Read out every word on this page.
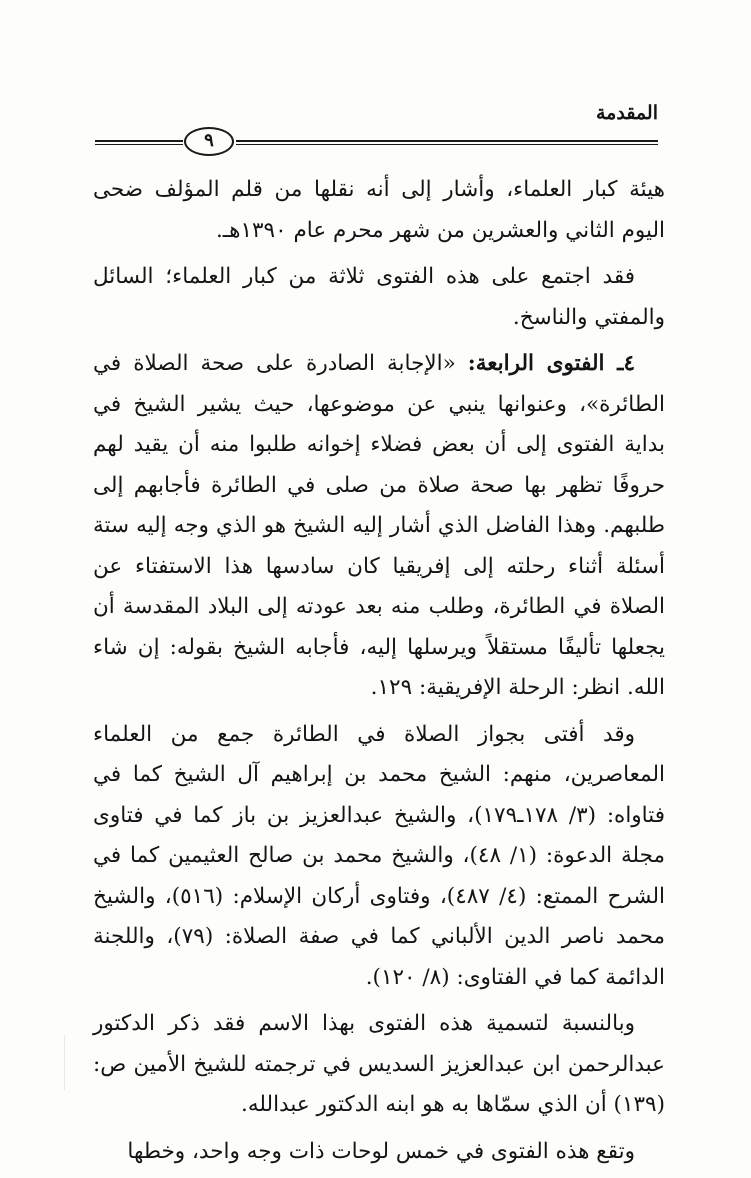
المقدمة
٩

هيئة كبار العلماء، وأشار إلى أنه نقلها من قلم المؤلف ضحى اليوم الثاني والعشرين من شهر محرم عام ١٣٩٠هـ.

فقد اجتمع على هذه الفتوى ثلاثة من كبار العلماء؛ السائل والمفتي والناسخ.

٤ـ الفتوى الرابعة: «الإجابة الصادرة على صحة الصلاة في الطائرة»، وعنوانها ينبي عن موضوعها، حيث يشير الشيخ في بداية الفتوى إلى أن بعض فضلاء إخوانه طلبوا منه أن يقيد لهم حروفًا تظهر بها صحة صلاة من صلى في الطائرة فأجابهم إلى طلبهم. وهذا الفاضل الذي أشار إليه الشيخ هو الذي وجه إليه ستة أسئلة أثناء رحلته إلى إفريقيا كان سادسها هذا الاستفتاء عن الصلاة في الطائرة، وطلب منه بعد عودته إلى البلاد المقدسة أن يجعلها تأليفًا مستقلاً ويرسلها إليه، فأجابه الشيخ بقوله: إن شاء الله. انظر: الرحلة الإفريقية: ١٢٩.

وقد أفتى بجواز الصلاة في الطائرة جمع من العلماء المعاصرين، منهم: الشيخ محمد بن إبراهيم آل الشيخ كما في فتاواه: (٣/ ١٧٨ـ١٧٩)، والشيخ عبدالعزيز بن باز كما في فتاوى مجلة الدعوة: (١/ ٤٨)، والشيخ محمد بن صالح العثيمين كما في الشرح الممتع: (٤/ ٤٨٧)، وفتاوى أركان الإسلام: (٥١٦)، والشيخ محمد ناصر الدين الألباني كما في صفة الصلاة: (٧٩)، واللجنة الدائمة كما في الفتاوى: (٨/ ١٢٠).

وبالنسبة لتسمية هذه الفتوى بهذا الاسم فقد ذكر الدكتور عبدالرحمن ابن عبدالعزيز السديس في ترجمته للشيخ الأمين ص: (١٣٩) أن الذي سمّاها به هو ابنه الدكتور عبدالله.

وتقع هذه الفتوى في خمس لوحات ذات وجه واحد، وخطها
